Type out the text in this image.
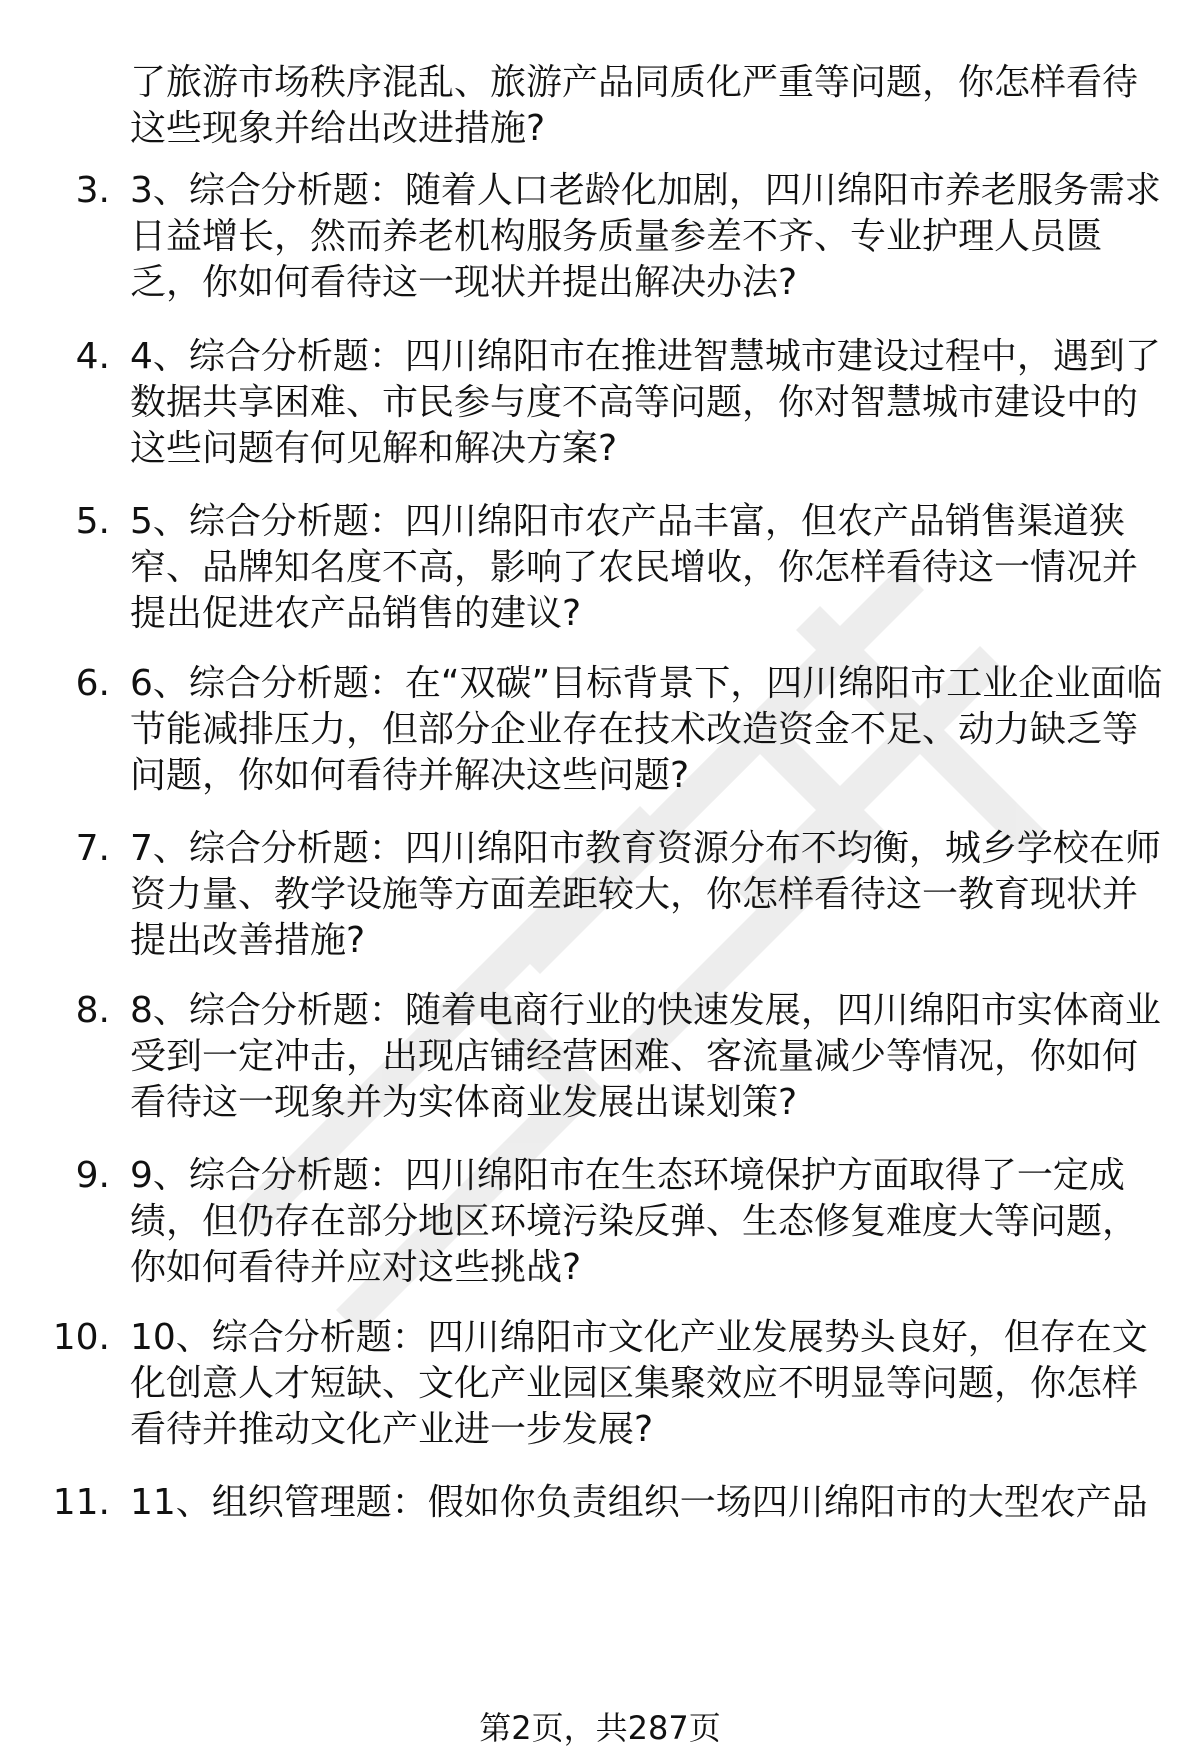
了旅游市场秩序混乱、旅游产品同质化严重等问题，你怎样看待这些现象并给出改进措施?
3. 3、综合分析题：随着人口老龄化加剧，四川绵阳市养老服务需求日益增长，然而养老机构服务质量参差不齐、专业护理人员匮乏，你如何看待这一现状并提出解决办法?
4. 4、综合分析题：四川绵阳市在推进智慧城市建设过程中，遇到了数据共享困难、市民参与度不高等问题，你对智慧城市建设中的这些问题有何见解和解决方案?
5. 5、综合分析题：四川绵阳市农产品丰富，但农产品销售渠道狭窄、品牌知名度不高，影响了农民增收，你怎样看待这一情况并提出促进农产品销售的建议?
6. 6、综合分析题：在“双碳”目标背景下，四川绵阳市工业企业面临节能减排压力，但部分企业存在技术改造资金不足、动力缺乏等问题，你如何看待并解决这些问题?
7. 7、综合分析题：四川绵阳市教育资源分布不均衡，城乡学校在师资力量、教学设施等方面差距较大，你怎样看待这一教育现状并提出改善措施?
8. 8、综合分析题：随着电商行业的快速发展，四川绵阳市实体商业受到一定冲击，出现店铺经营困难、客流量减少等情况，你如何看待这一现象并为实体商业发展出谋划策?
9. 9、综合分析题：四川绵阳市在生态环境保护方面取得了一定成绩，但仍存在部分地区环境污染反弹、生态修复难度大等问题，你如何看待并应对这些挑战?
10. 10、综合分析题：四川绵阳市文化产业发展势头良好，但存在文化创意人才短缺、文化产业园区集聚效应不明显等问题，你怎样看待并推动文化产业进一步发展?
11. 11、组织管理题：假如你负责组织一场四川绵阳市的大型农产品
第2页，共287页
